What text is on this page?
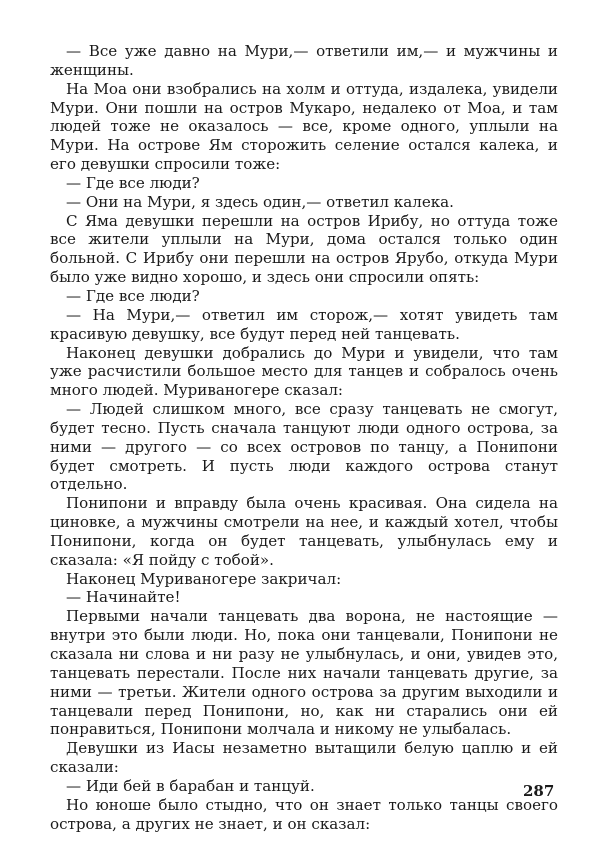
— Все уже давно на Мури,— ответили им,— и мужчины и женщины.

На Моа они взобрались на холм и оттуда, издалека, увидели Мури. Они пошли на остров Мукаро, недалеко от Моа, и там людей тоже не оказалось — все, кроме одного, уплыли на Мури. На острове Ям сторожить селение остался калека, и его девушки спросили тоже:

— Где все люди?

— Они на Мури, я здесь один,— ответил калека.

С Яма девушки перешли на остров Ирибу, но оттуда тоже все жители уплыли на Мури, дома остался только один больной. С Ирибу они перешли на остров Ярубо, откуда Мури было уже видно хорошо, и здесь они спросили опять:

— Где все люди?

— На Мури,— ответил им сторож,— хотят увидеть там красивую девушку, все будут перед ней танцевать.

Наконец девушки добрались до Мури и увидели, что там уже расчистили большое место для танцев и собралось очень много людей. Муриваногере сказал:

— Людей слишком много, все сразу танцевать не смогут, будет тесно. Пусть сначала танцуют люди одного острова, за ними — другого — со всех островов по танцу, а Понипони будет смотреть. И пусть люди каждого острова станут отдельно.

Понипони и вправду была очень красивая. Она сидела на циновке, а мужчины смотрели на нее, и каждый хотел, чтобы Понипони, когда он будет танцевать, улыбнулась ему и сказала: «Я пойду с тобой».

Наконец Муриваногере закричал:

— Начинайте!

Первыми начали танцевать два ворона, не настоящие — внутри это были люди. Но, пока они танцевали, Понипони не сказала ни слова и ни разу не улыбнулась, и они, увидев это, танцевать перестали. После них начали танцевать другие, за ними — третьи. Жители одного острова за другим выходили и танцевали перед Понипони, но, как ни старались они ей понравиться, Понипони молчала и никому не улыбалась.

Девушки из Иасы незаметно вытащили белую цаплю и ей сказали:

— Иди бей в барабан и танцуй.

Но юноше было стыдно, что он знает только танцы своего острова, а других не знает, и он сказал:

287
